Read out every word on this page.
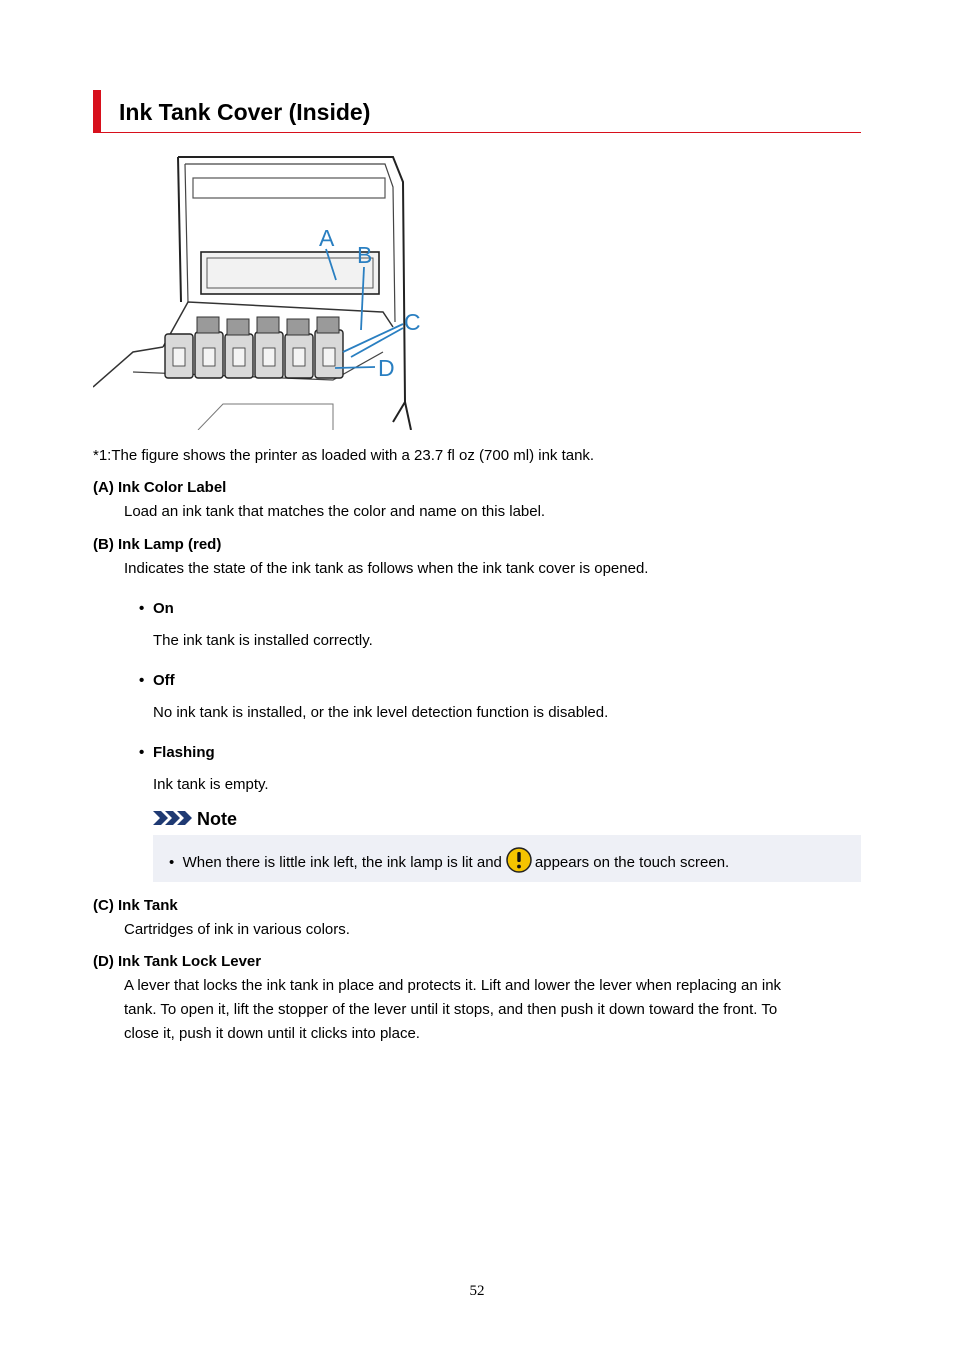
Ink Tank Cover (Inside)
A
B
C
D
*1:The figure shows the printer as loaded with a 23.7 fl oz (700 ml) ink tank.
(A) Ink Color Label
Load an ink tank that matches the color and name on this label.
(B) Ink Lamp (red)
Indicates the state of the ink tank as follows when the ink tank cover is opened.
• On
The ink tank is installed correctly.
• Off
No ink tank is installed, or the ink level detection function is disabled.
• Flashing
Ink tank is empty.
Note
•  When there is little ink left, the ink lamp is lit and appears on the touch screen.
(C) Ink Tank
Cartridges of ink in various colors.
(D) Ink Tank Lock Lever
A lever that locks the ink tank in place and protects it. Lift and lower the lever when replacing an ink
tank. To open it, lift the stopper of the lever until it stops, and then push it down toward the front. To
close it, push it down until it clicks into place.
52
